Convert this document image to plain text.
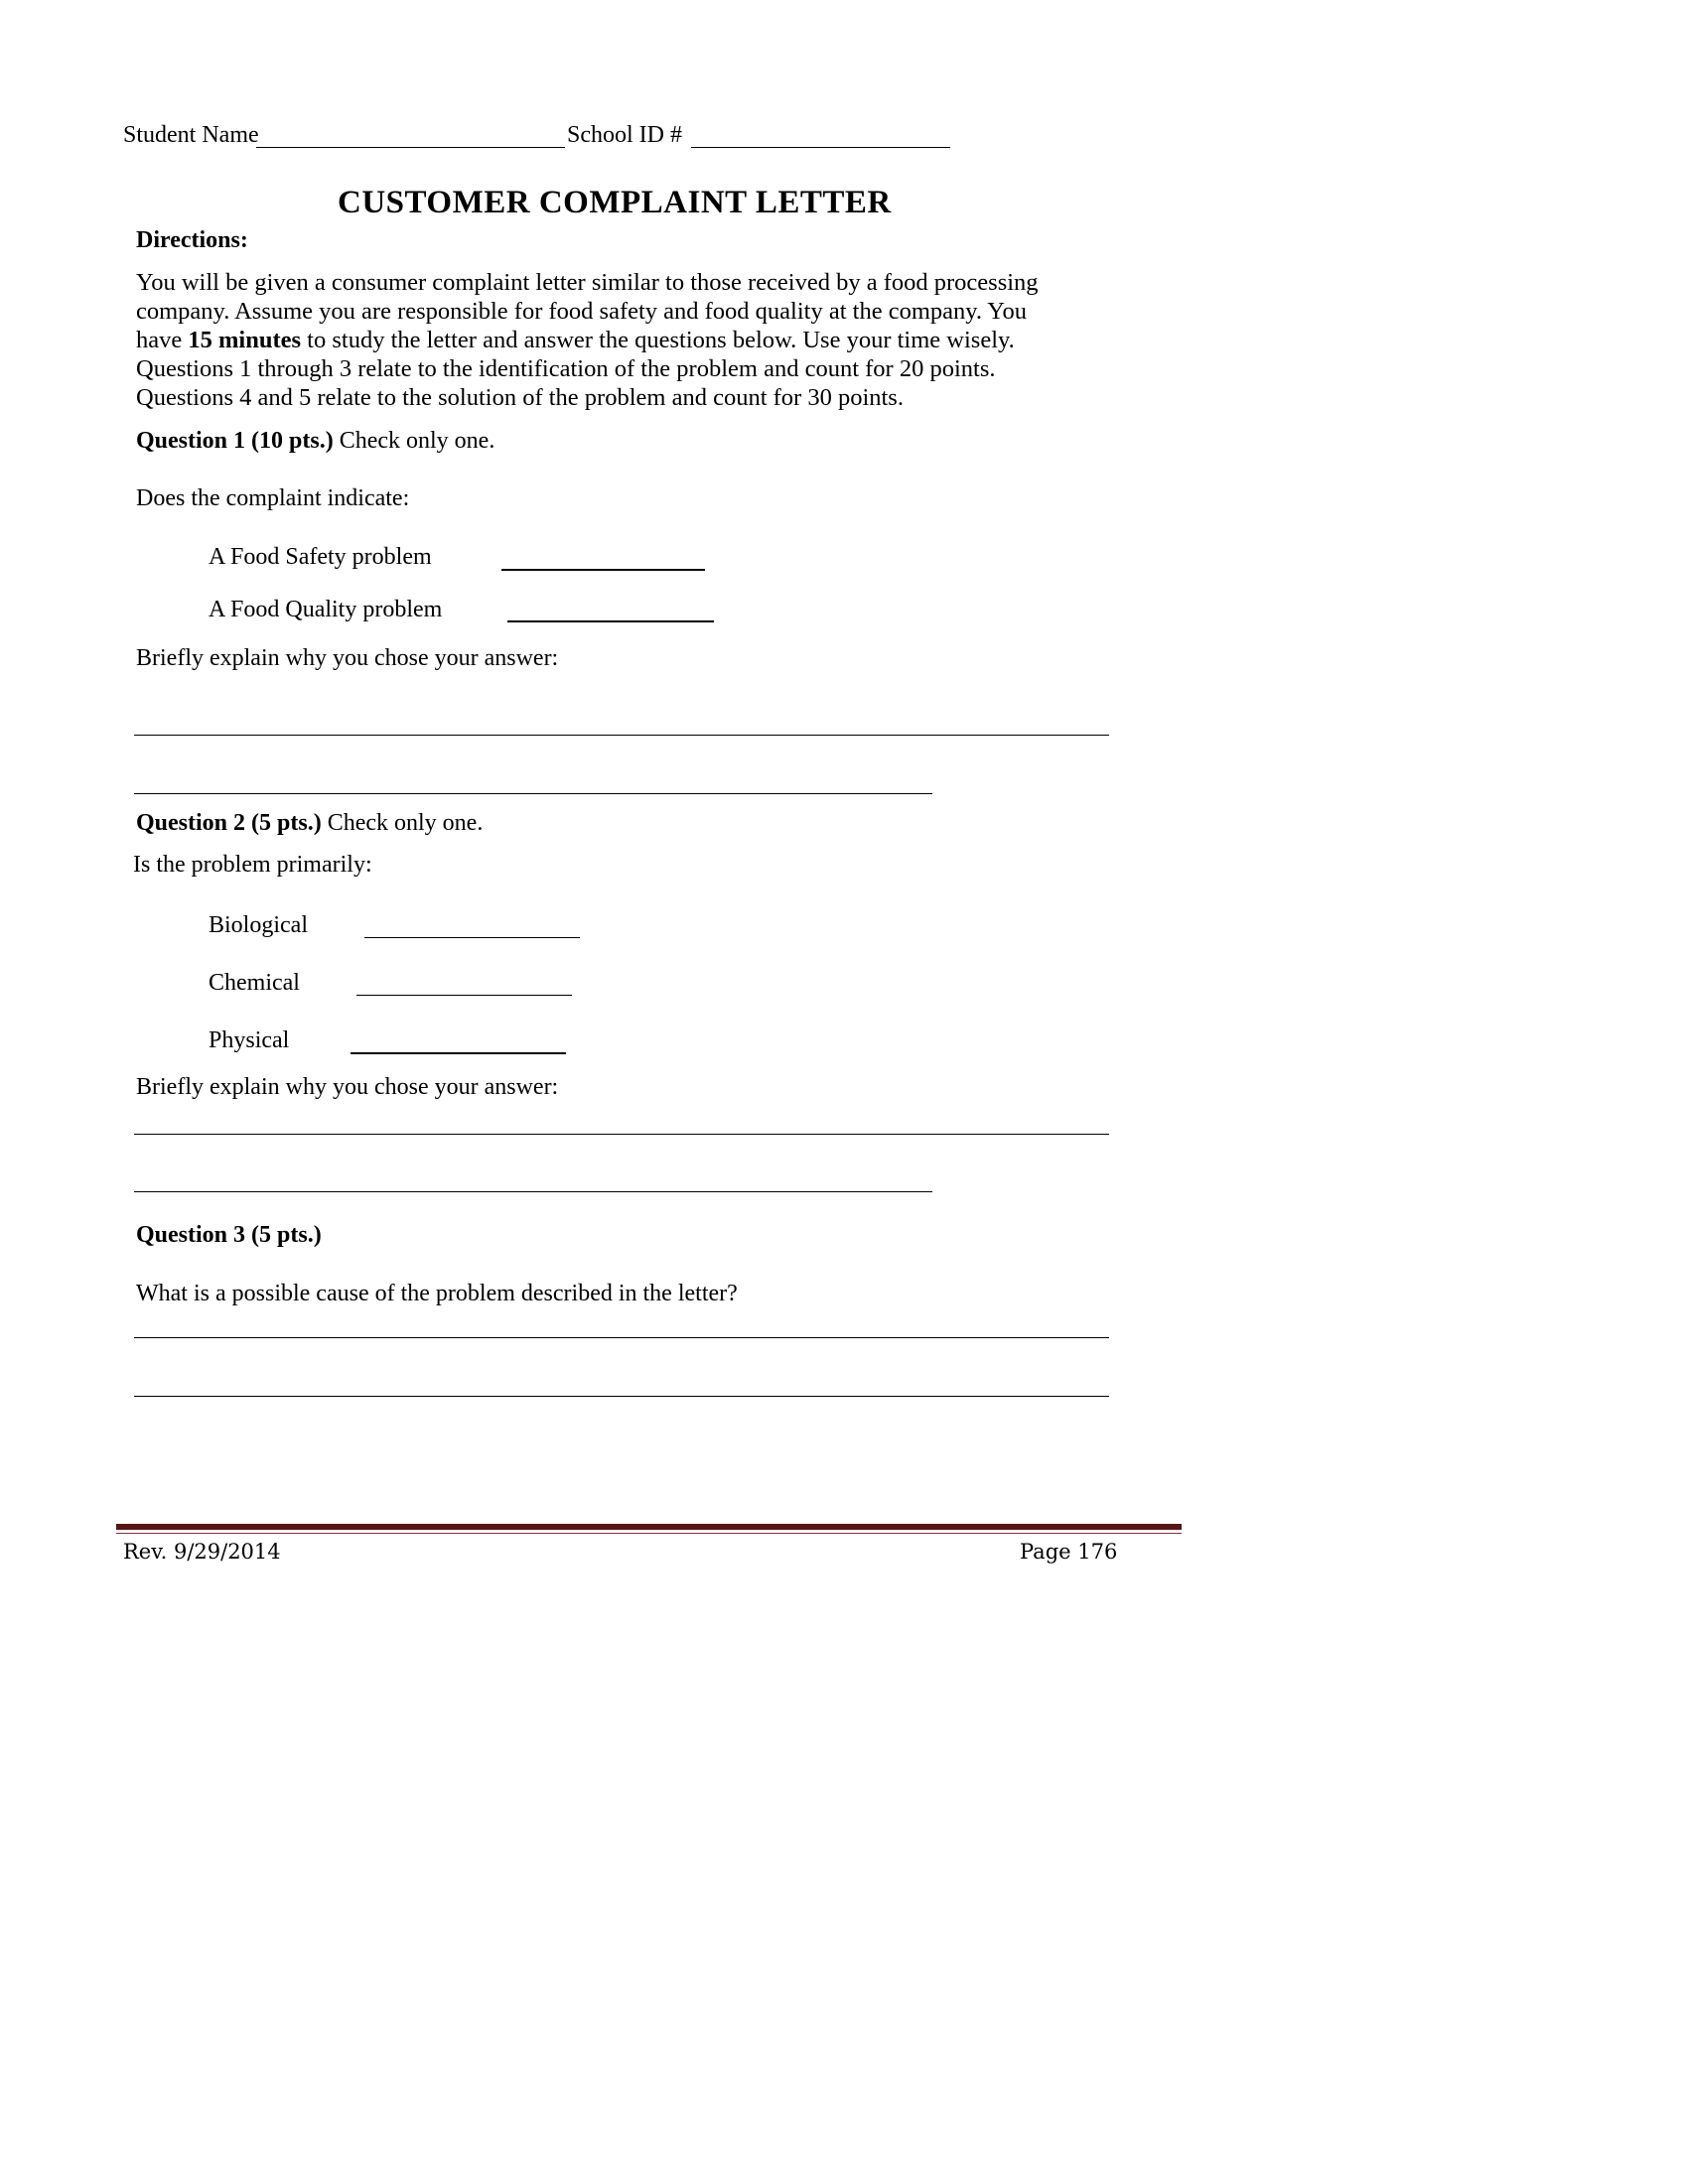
Student Name	School ID #
CUSTOMER COMPLAINT LETTER
Directions:
You will be given a consumer complaint letter similar to those received by a food processing
company. Assume you are responsible for food safety and food quality at the company. You
have 15 minutes to study the letter and answer the questions below. Use your time wisely.
Questions 1 through 3 relate to the identification of the problem and count for 20 points.
Questions 4 and 5 relate to the solution of the problem and count for 30 points.
Question 1 (10 pts.) Check only one.
Does the complaint indicate:
A Food Safety problem
A Food Quality problem
Briefly explain why you chose your answer:
Question 2 (5 pts.) Check only one.
Is the problem primarily:
Biological
Chemical
Physical
Briefly explain why you chose your answer:
Question 3 (5 pts.)
What is a possible cause of the problem described in the letter?
Rev. 9/29/2014	Page 176
